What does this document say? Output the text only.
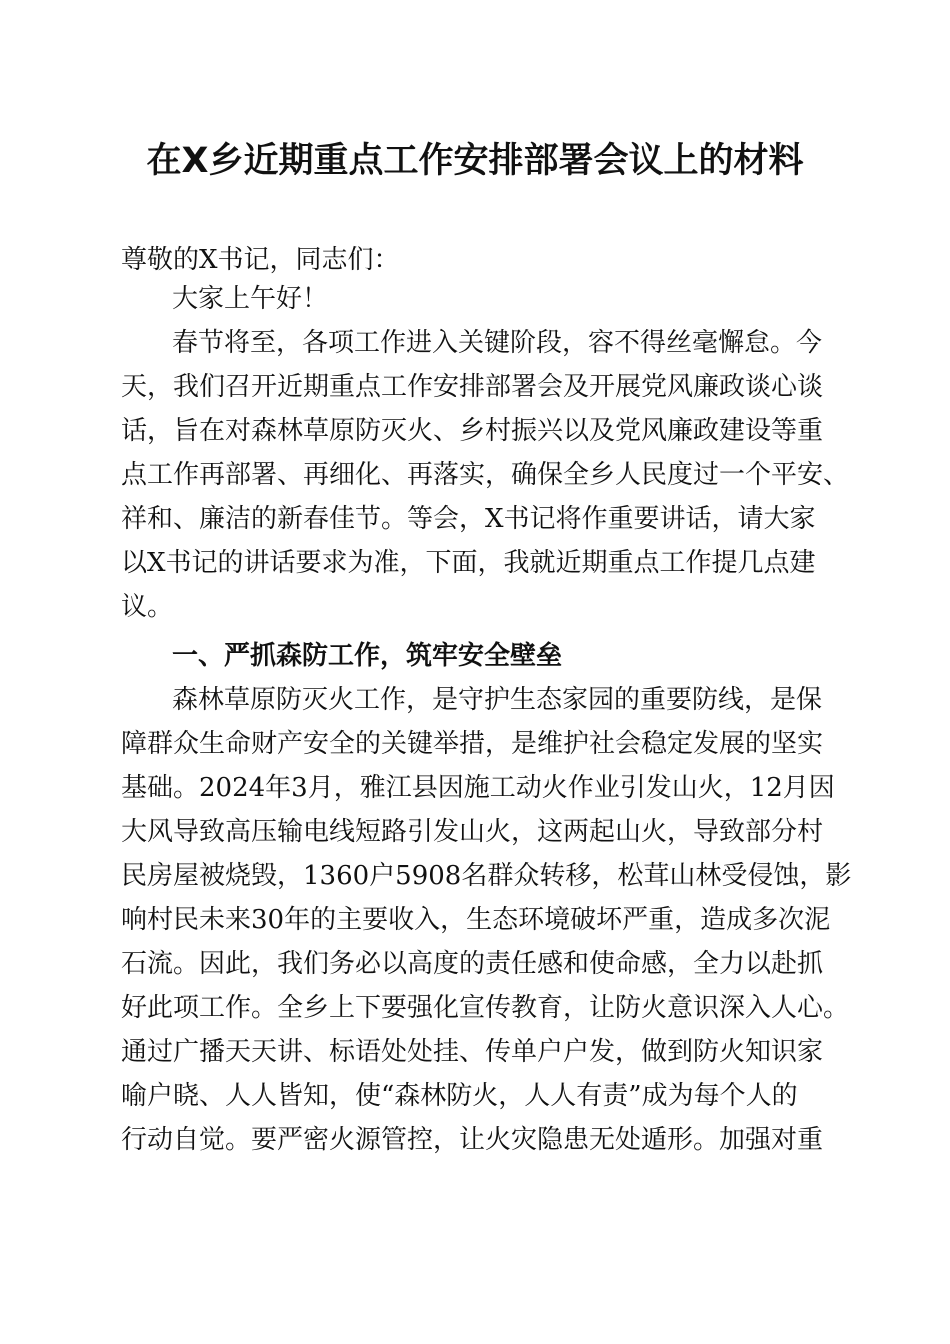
在X乡近期重点工作安排部署会议上的材料

尊敬的X书记，同志们：

大家上午好！

春节将至，各项工作进入关键阶段，容不得丝毫懈怠。今

天，我们召开近期重点工作安排部署会及开展党风廉政谈心谈

话，旨在对森林草原防灭火、乡村振兴以及党风廉政建设等重

点工作再部署、再细化、再落实，确保全乡人民度过一个平安、

祥和、廉洁的新春佳节。等会，X书记将作重要讲话，请大家

以X书记的讲话要求为准，下面，我就近期重点工作提几点建

议。

一、严抓森防工作，筑牢安全壁垒

森林草原防灭火工作，是守护生态家园的重要防线，是保

障群众生命财产安全的关键举措，是维护社会稳定发展的坚实

基础。2024年3月，雅江县因施工动火作业引发山火，12月因

大风导致高压输电线短路引发山火，这两起山火，导致部分村

民房屋被烧毁，1360户5908名群众转移，松茸山林受侵蚀，影

响村民未来30年的主要收入，生态环境破坏严重，造成多次泥

石流。因此，我们务必以高度的责任感和使命感，全力以赴抓

好此项工作。全乡上下要强化宣传教育，让防火意识深入人心。

通过广播天天讲、标语处处挂、传单户户发，做到防火知识家

喻户晓、人人皆知，使“森林防火，人人有责”成为每个人的

行动自觉。要严密火源管控，让火灾隐患无处遁形。加强对重
